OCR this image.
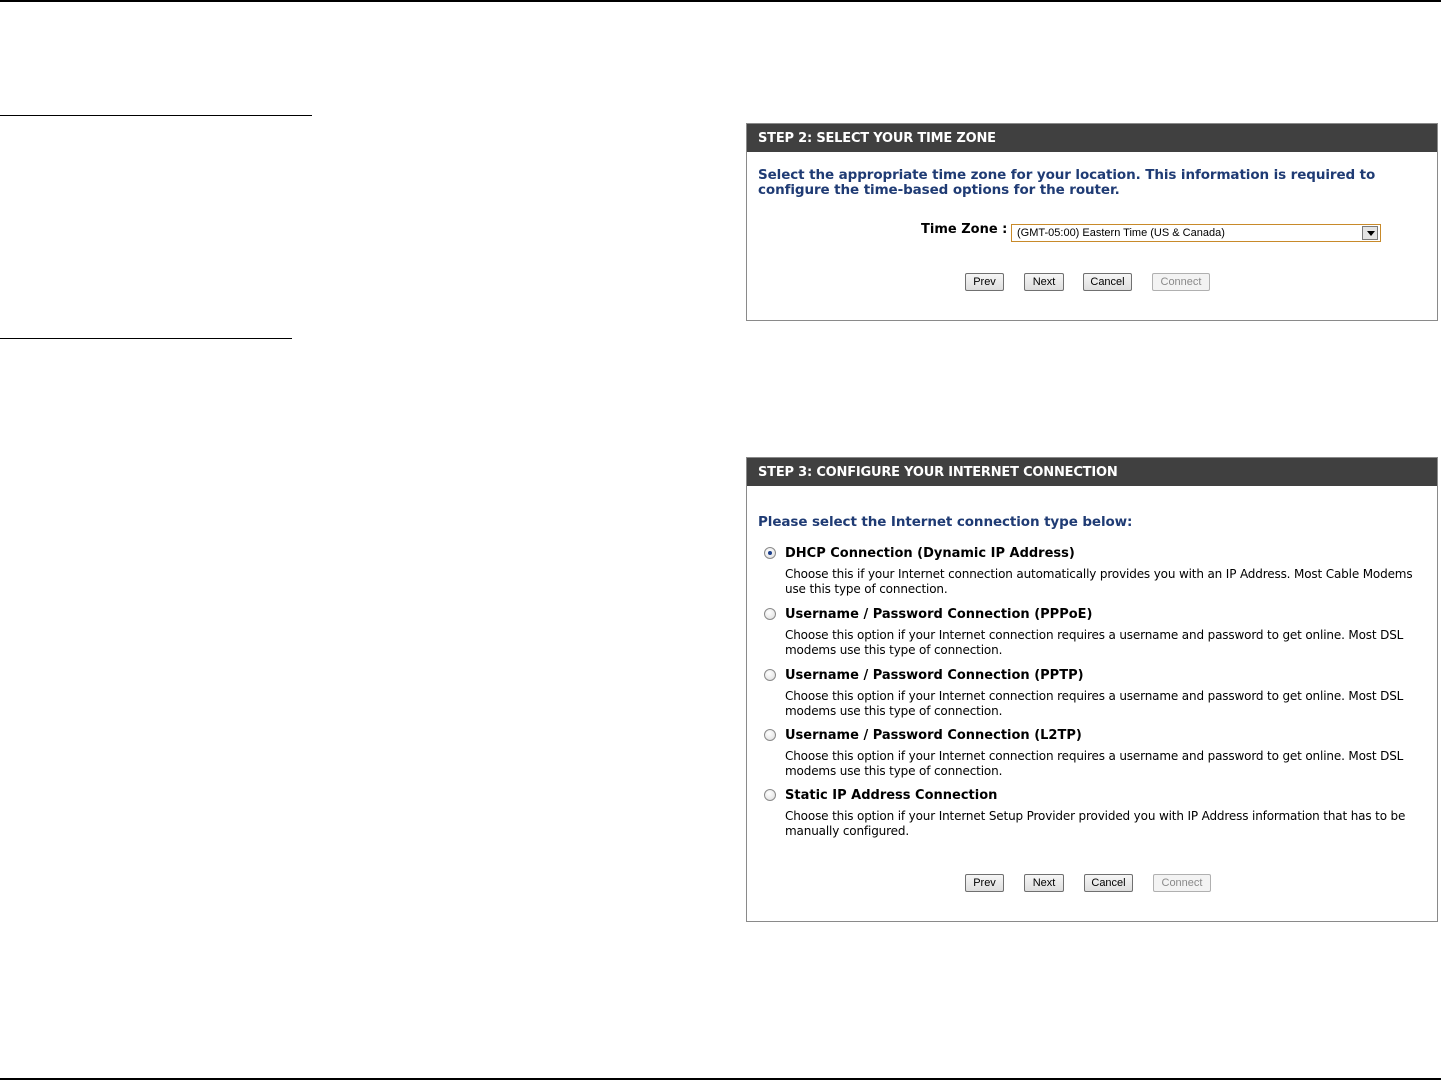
STEP 2: SELECT YOUR TIME ZONE
Select the appropriate time zone for your location. This information is required to configure the time-based options for the router.
Time Zone : (GMT-05:00) Eastern Time (US & Canada)
Prev	Next	Cancel	Connect
STEP 3: CONFIGURE YOUR INTERNET CONNECTION
Please select the Internet connection type below:
DHCP Connection (Dynamic IP Address)
Choose this if your Internet connection automatically provides you with an IP Address. Most Cable Modems use this type of connection.
Username / Password Connection (PPPoE)
Choose this option if your Internet connection requires a username and password to get online. Most DSL modems use this type of connection.
Username / Password Connection (PPTP)
Choose this option if your Internet connection requires a username and password to get online. Most DSL modems use this type of connection.
Username / Password Connection (L2TP)
Choose this option if your Internet connection requires a username and password to get online. Most DSL modems use this type of connection.
Static IP Address Connection
Choose this option if your Internet Setup Provider provided you with IP Address information that has to be manually configured.
Prev	Next	Cancel	Connect
